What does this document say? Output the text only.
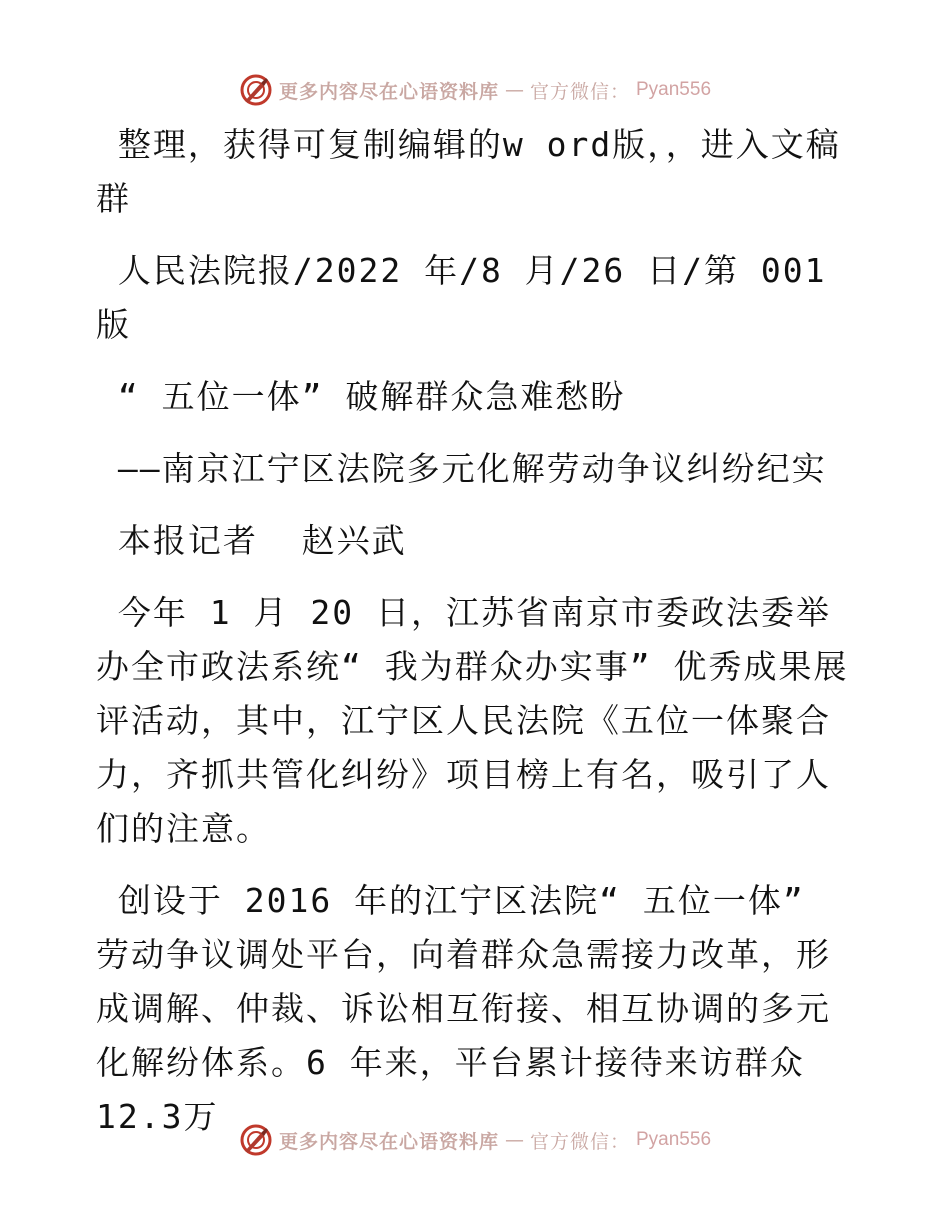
更多内容尽在心语资料库 — 官方微信： Pyan556

整理，获得可复制编辑的w ord版，，进入文稿群

人民法院报/2022 年/8 月/26 日/第 001 版

“ 五位一体” 破解群众急难愁盼

——南京江宁区法院多元化解劳动争议纠纷纪实

本报记者  赵兴武

今年 1 月 20 日，江苏省南京市委政法委举办全市政法系统“ 我为群众办实事” 优秀成果展评活动，其中，江宁区人民法院《五位一体聚合力，齐抓共管化纠纷》项目榜上有名，吸引了人们的注意。

创设于 2016 年的江宁区法院“ 五位一体” 劳动争议调处平台，向着群众急需接力改革，形成调解、仲裁、诉讼相互衔接、相互协调的多元化解纷体系。6 年来，平台累计接待来访群众 12.3万

更多内容尽在心语资料库 — 官方微信： Pyan556
